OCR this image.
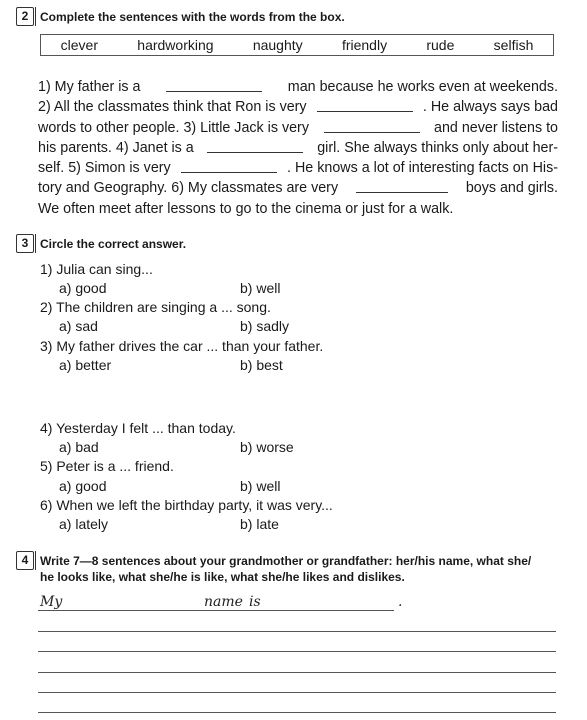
2 Complete the sentences with the words from the box.
clever	hardworking	naughty	friendly	rude	selfish
1) My father is a	man because he works even at weekends.
2) All the classmates think that Ron is very	. He always says bad
words to other people. 3) Little Jack is very	and never listens to
his parents. 4) Janet is a	girl. She always thinks only about her-
self. 5) Simon is very	. He knows a lot of interesting facts on His-
tory and Geography. 6) My classmates are very	boys and girls.
We often meet after lessons to go to the cinema or just for a walk.
3 Circle the correct answer.
1) Julia can sing...
a) good	b) well
2) The children are singing a ... song.
a) sad	b) sadly
3) My father drives the car ... than your father.
a) better	b) best
4) Yesterday I felt ... than today.
a) bad	b) worse
5) Peter is a ... friend.
a) good	b) well
6) When we left the birthday party, it was very...
a) lately	b) late
4 Write 7—8 sentences about your grandmother or grandfather: her/his name, what she/
he looks like, what she/he is like, what she/he likes and dislikes.
My	name is	.
